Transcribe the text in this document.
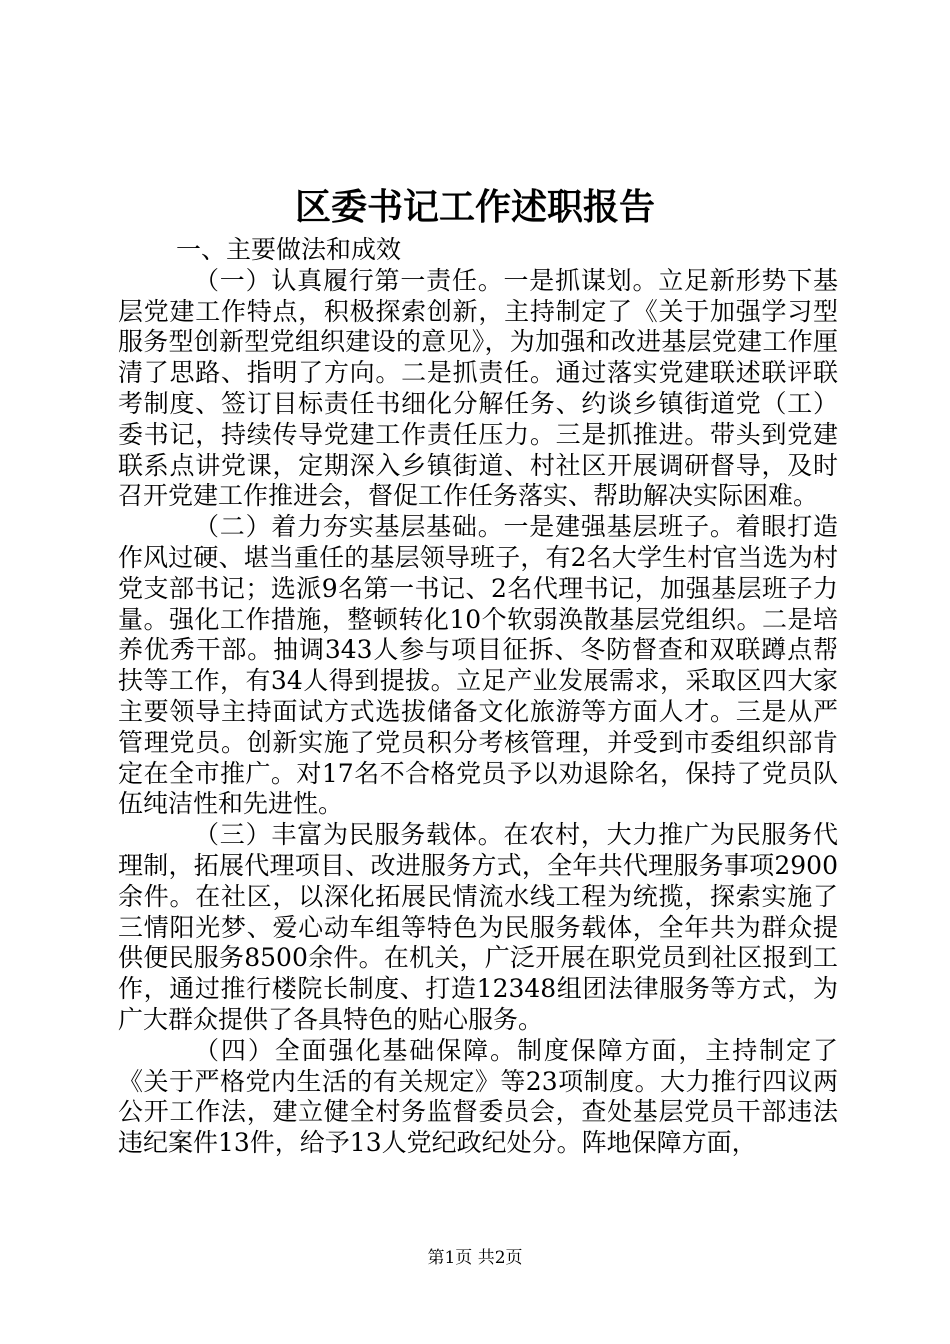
区委书记工作述职报告

一、主要做法和成效

（一）认真履行第一责任。一是抓谋划。立足新形势下基层党建工作特点，积极探索创新，主持制定了《关于加强学习型服务型创新型党组织建设的意见》，为加强和改进基层党建工作厘清了思路、指明了方向。二是抓责任。通过落实党建联述联评联考制度、签订目标责任书细化分解任务、约谈乡镇街道党（工）委书记，持续传导党建工作责任压力。三是抓推进。带头到党建联系点讲党课，定期深入乡镇街道、村社区开展调研督导，及时召开党建工作推进会，督促工作任务落实、帮助解决实际困难。

（二）着力夯实基层基础。一是建强基层班子。着眼打造作风过硬、堪当重任的基层领导班子，有2名大学生村官当选为村党支部书记；选派9名第一书记、2名代理书记，加强基层班子力量。强化工作措施，整顿转化10个软弱涣散基层党组织。二是培养优秀干部。抽调343人参与项目征拆、冬防督查和双联蹲点帮扶等工作，有34人得到提拔。立足产业发展需求，采取区四大家主要领导主持面试方式选拔储备文化旅游等方面人才。三是从严管理党员。创新实施了党员积分考核管理，并受到市委组织部肯定在全市推广。对17名不合格党员予以劝退除名，保持了党员队伍纯洁性和先进性。

（三）丰富为民服务载体。在农村，大力推广为民服务代理制，拓展代理项目、改进服务方式，全年共代理服务事项2900余件。在社区，以深化拓展民情流水线工程为统揽，探索实施了三情阳光梦、爱心动车组等特色为民服务载体，全年共为群众提供便民服务8500余件。在机关，广泛开展在职党员到社区报到工作，通过推行楼院长制度、打造12348组团法律服务等方式，为广大群众提供了各具特色的贴心服务。

（四）全面强化基础保障。制度保障方面，主持制定了《关于严格党内生活的有关规定》等23项制度。大力推行四议两公开工作法，建立健全村务监督委员会，查处基层党员干部违法违纪案件13件，给予13人党纪政纪处分。阵地保障方面，

第1页 共2页
